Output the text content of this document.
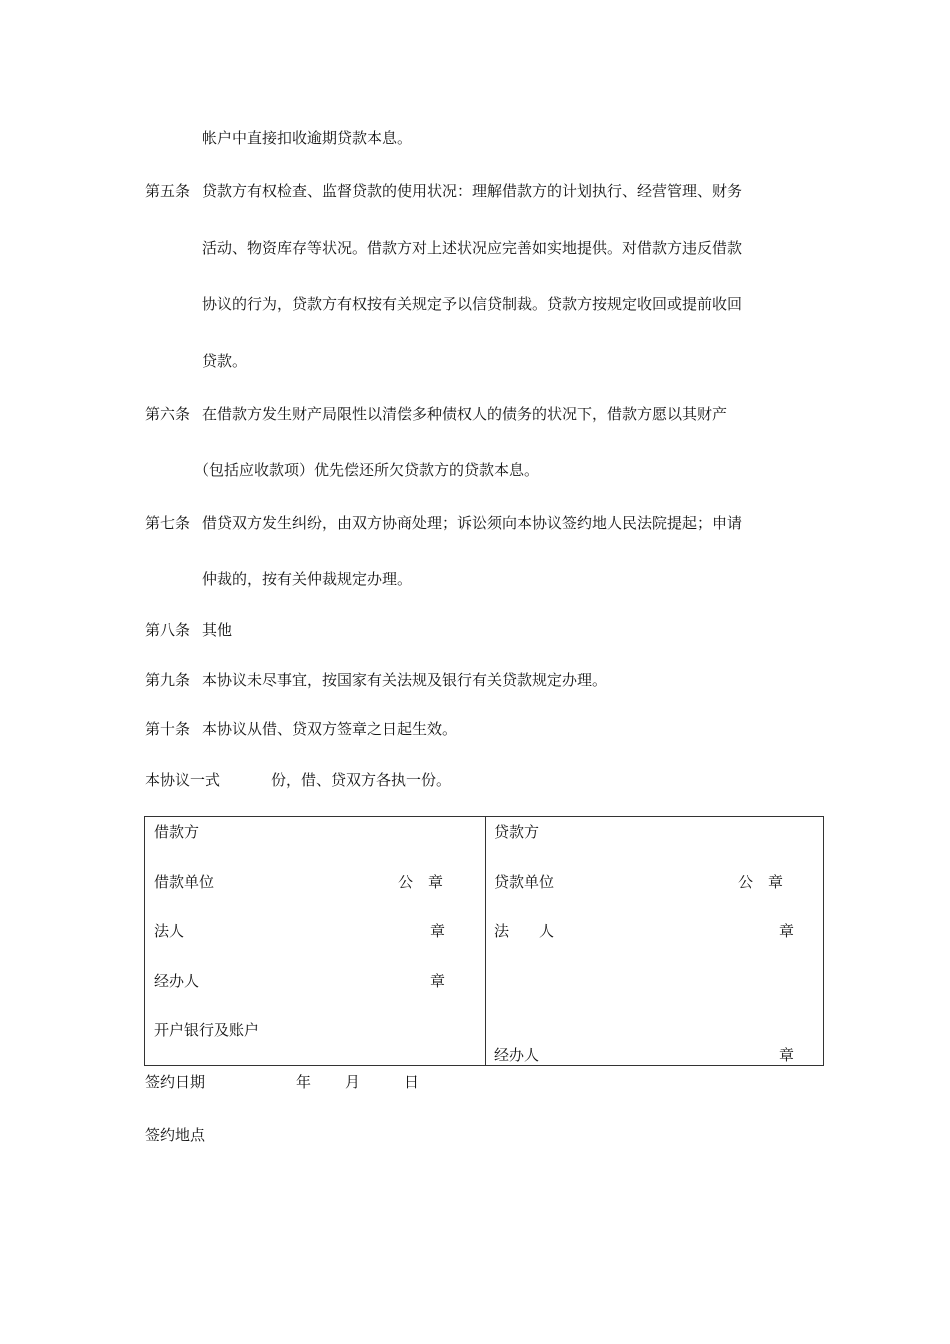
帐户中直接扣收逾期贷款本息。
第五条 贷款方有权检查、监督贷款的使用状况：理解借款方的计划执行、经营管理、财务
活动、物资库存等状况。借款方对上述状况应完善如实地提供。对借款方违反借款
协议的行为，贷款方有权按有关规定予以信贷制裁。贷款方按规定收回或提前收回
贷款。
第六条 在借款方发生财产局限性以清偿多种债权人的债务的状况下，借款方愿以其财产
（包括应收款项）优先偿还所欠贷款方的贷款本息。
第七条 借贷双方发生纠纷，由双方协商处理；诉讼须向本协议签约地人民法院提起；申请
仲裁的，按有关仲裁规定办理。
第八条 其他
第九条 本协议未尽事宜，按国家有关法规及银行有关贷款规定办理。
第十条 本协议从借、贷双方签章之日起生效。
本协议一式	份，借、贷双方各执一份。
借款方
借款单位	公　章
法人	章
经办人	章
开户银行及账户
贷款方
贷款单位	公　章
法　　人	章
经办人	章
签约日期	年 月	日
签约地点
